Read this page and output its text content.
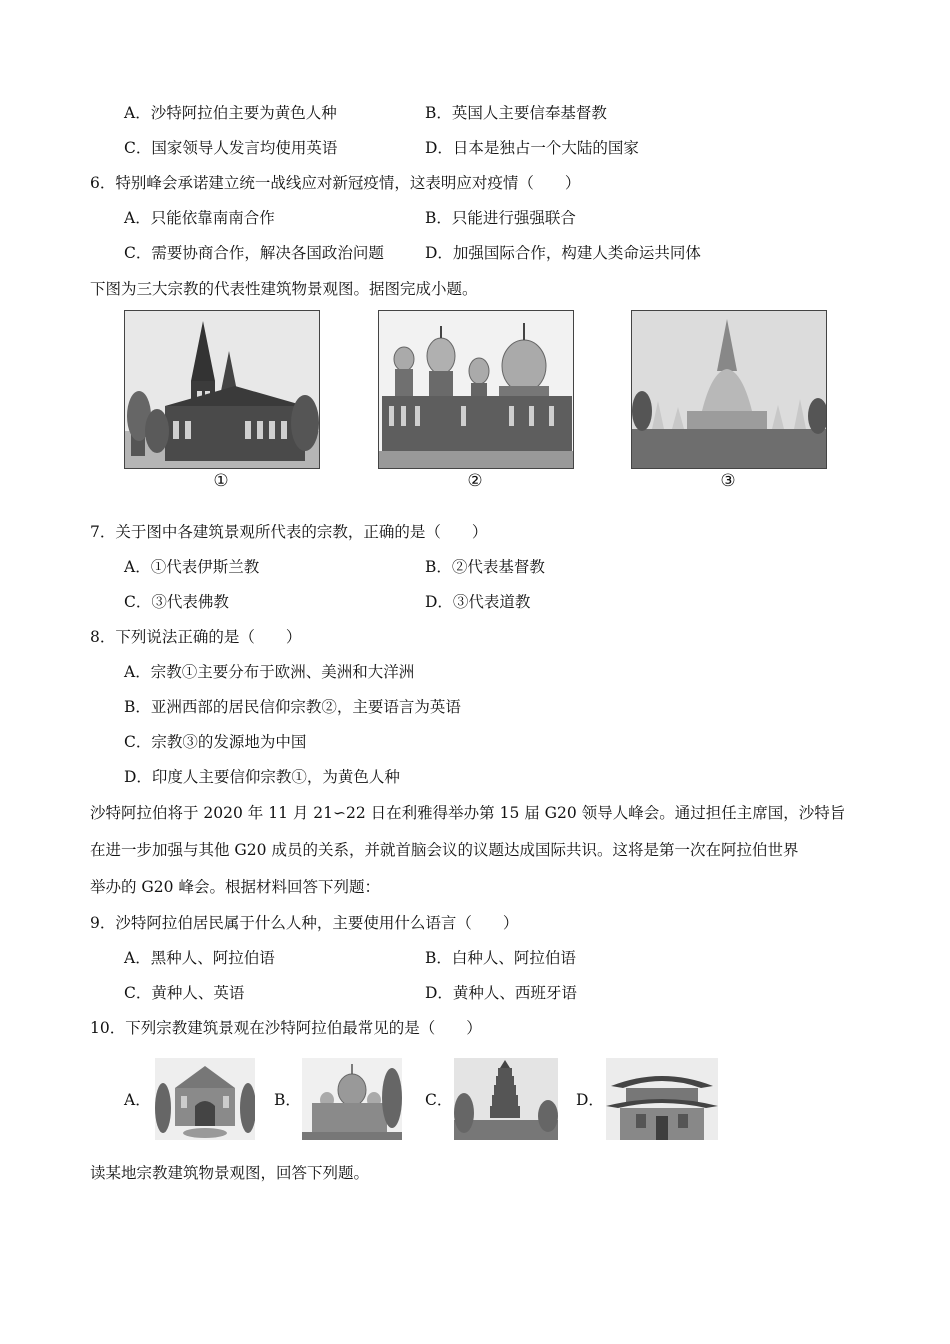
A．沙特阿拉伯主要为黄色人种	B．英国人主要信奉基督教
C．国家领导人发言均使用英语	D．日本是独占一个大陆的国家
6．特别峰会承诺建立统一战线应对新冠疫情，这表明应对疫情（　　）
A．只能依靠南南合作	B．只能进行强强联合
C．需要协商合作，解决各国政治问题	D．加强国际合作，构建人类命运共同体
下图为三大宗教的代表性建筑物景观图。据图完成小题。
①	②	③
7．关于图中各建筑景观所代表的宗教，正确的是（　　）
A．①代表伊斯兰教	B．②代表基督教
C．③代表佛教	D．③代表道教
8．下列说法正确的是（　　）
A．宗教①主要分布于欧洲、美洲和大洋洲
B．亚洲西部的居民信仰宗教②，主要语言为英语
C．宗教③的发源地为中国
D．印度人主要信仰宗教①，为黄色人种
沙特阿拉伯将于 2020 年 11 月 21∽22 日在利雅得举办第 15 届 G20 领导人峰会。通过担任主席国，沙特旨
在进一步加强与其他 G20 成员的关系，并就首脑会议的议题达成国际共识。这将是第一次在阿拉伯世界
举办的 G20 峰会。根据材料回答下列题：
9．沙特阿拉伯居民属于什么人种，主要使用什么语言（　　）
A．黑种人、阿拉伯语	B．白种人、阿拉伯语
C．黄种人、英语	D．黄种人、西班牙语
10．下列宗教建筑景观在沙特阿拉伯最常见的是（　　）
A．	B．	C．	D．
读某地宗教建筑物景观图，回答下列题。
